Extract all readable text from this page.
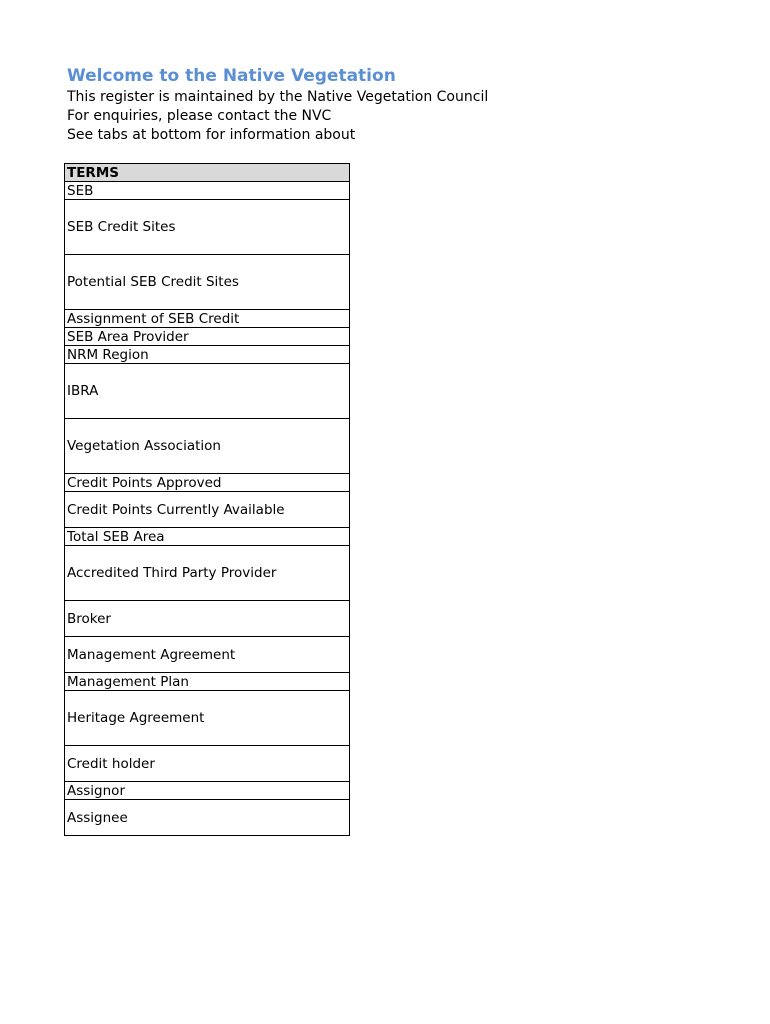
Welcome to the Native Vegetation
This register is maintained by the Native Vegetation Council
For enquiries, please contact the NVC
See tabs at bottom for information about
TERMS
SEB
SEB Credit Sites
Potential SEB Credit Sites
Assignment of SEB Credit
SEB Area Provider
NRM Region
IBRA
Vegetation Association
Credit Points Approved
Credit Points Currently Available
Total SEB Area
Accredited Third Party Provider
Broker
Management Agreement
Management Plan
Heritage Agreement
Credit holder
Assignor
Assignee
